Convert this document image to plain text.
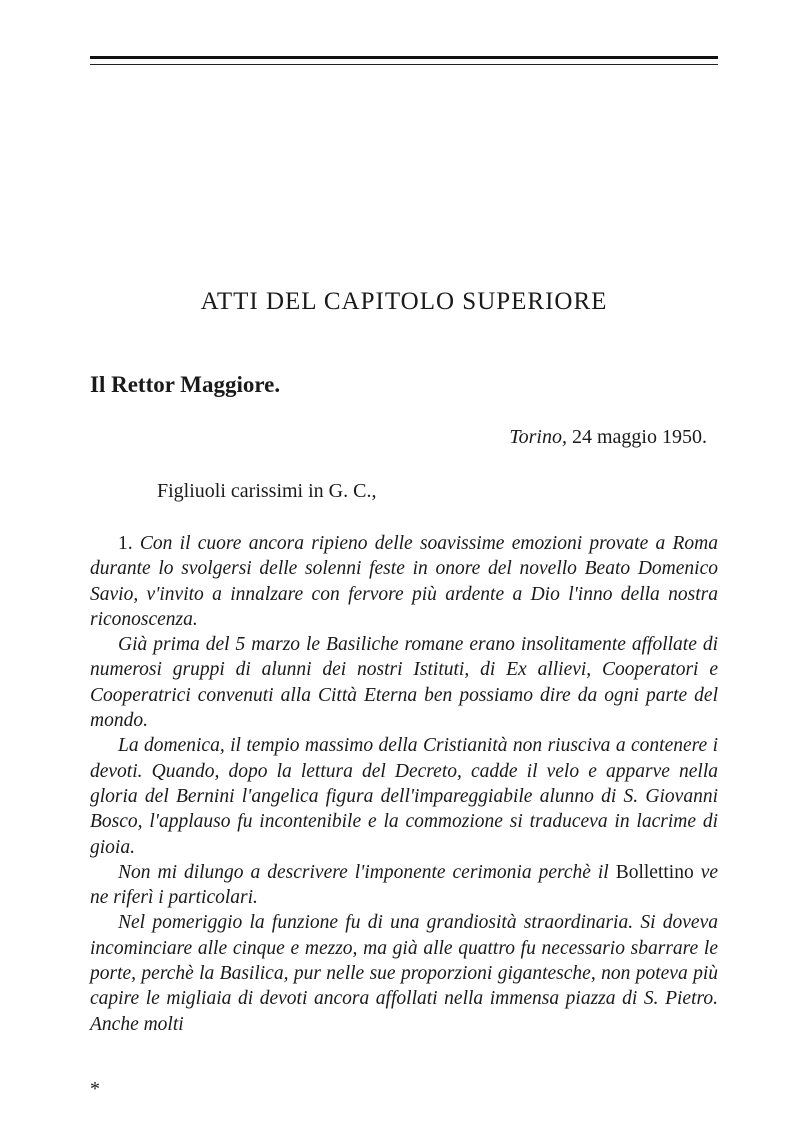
ATTI DEL CAPITOLO SUPERIORE
Il Rettor Maggiore.
Torino, 24 maggio 1950.
Figliuoli carissimi in G. C.,

1. Con il cuore ancora ripieno delle soavissime emozioni provate a Roma durante lo svolgersi delle solenni feste in onore del novello Beato Domenico Savio, v'invito a innalzare con fervore più ardente a Dio l'inno della nostra riconoscenza.

Già prima del 5 marzo le Basiliche romane erano insolitamente affollate di numerosi gruppi di alunni dei nostri Istituti, di Ex allievi, Cooperatori e Cooperatrici convenuti alla Città Eterna ben possiamo dire da ogni parte del mondo.

La domenica, il tempio massimo della Cristianità non riusciva a contenere i devoti. Quando, dopo la lettura del Decreto, cadde il velo e apparve nella gloria del Bernini l'angelica figura dell'impareggiabile alunno di S. Giovanni Bosco, l'applauso fu incontenibile e la commozione si traduceva in lacrime di gioia.

Non mi dilungo a descrivere l'imponente cerimonia perchè il Bollettino ve ne riferì i particolari.

Nel pomeriggio la funzione fu di una grandiosità straordinaria. Si doveva incominciare alle cinque e mezzo, ma già alle quattro fu necessario sbarrare le porte, perchè la Basilica, pur nelle sue proporzioni gigantesche, non poteva più capire le migliaia di devoti ancora affollati nella immensa piazza di S. Pietro. Anche molti

*
